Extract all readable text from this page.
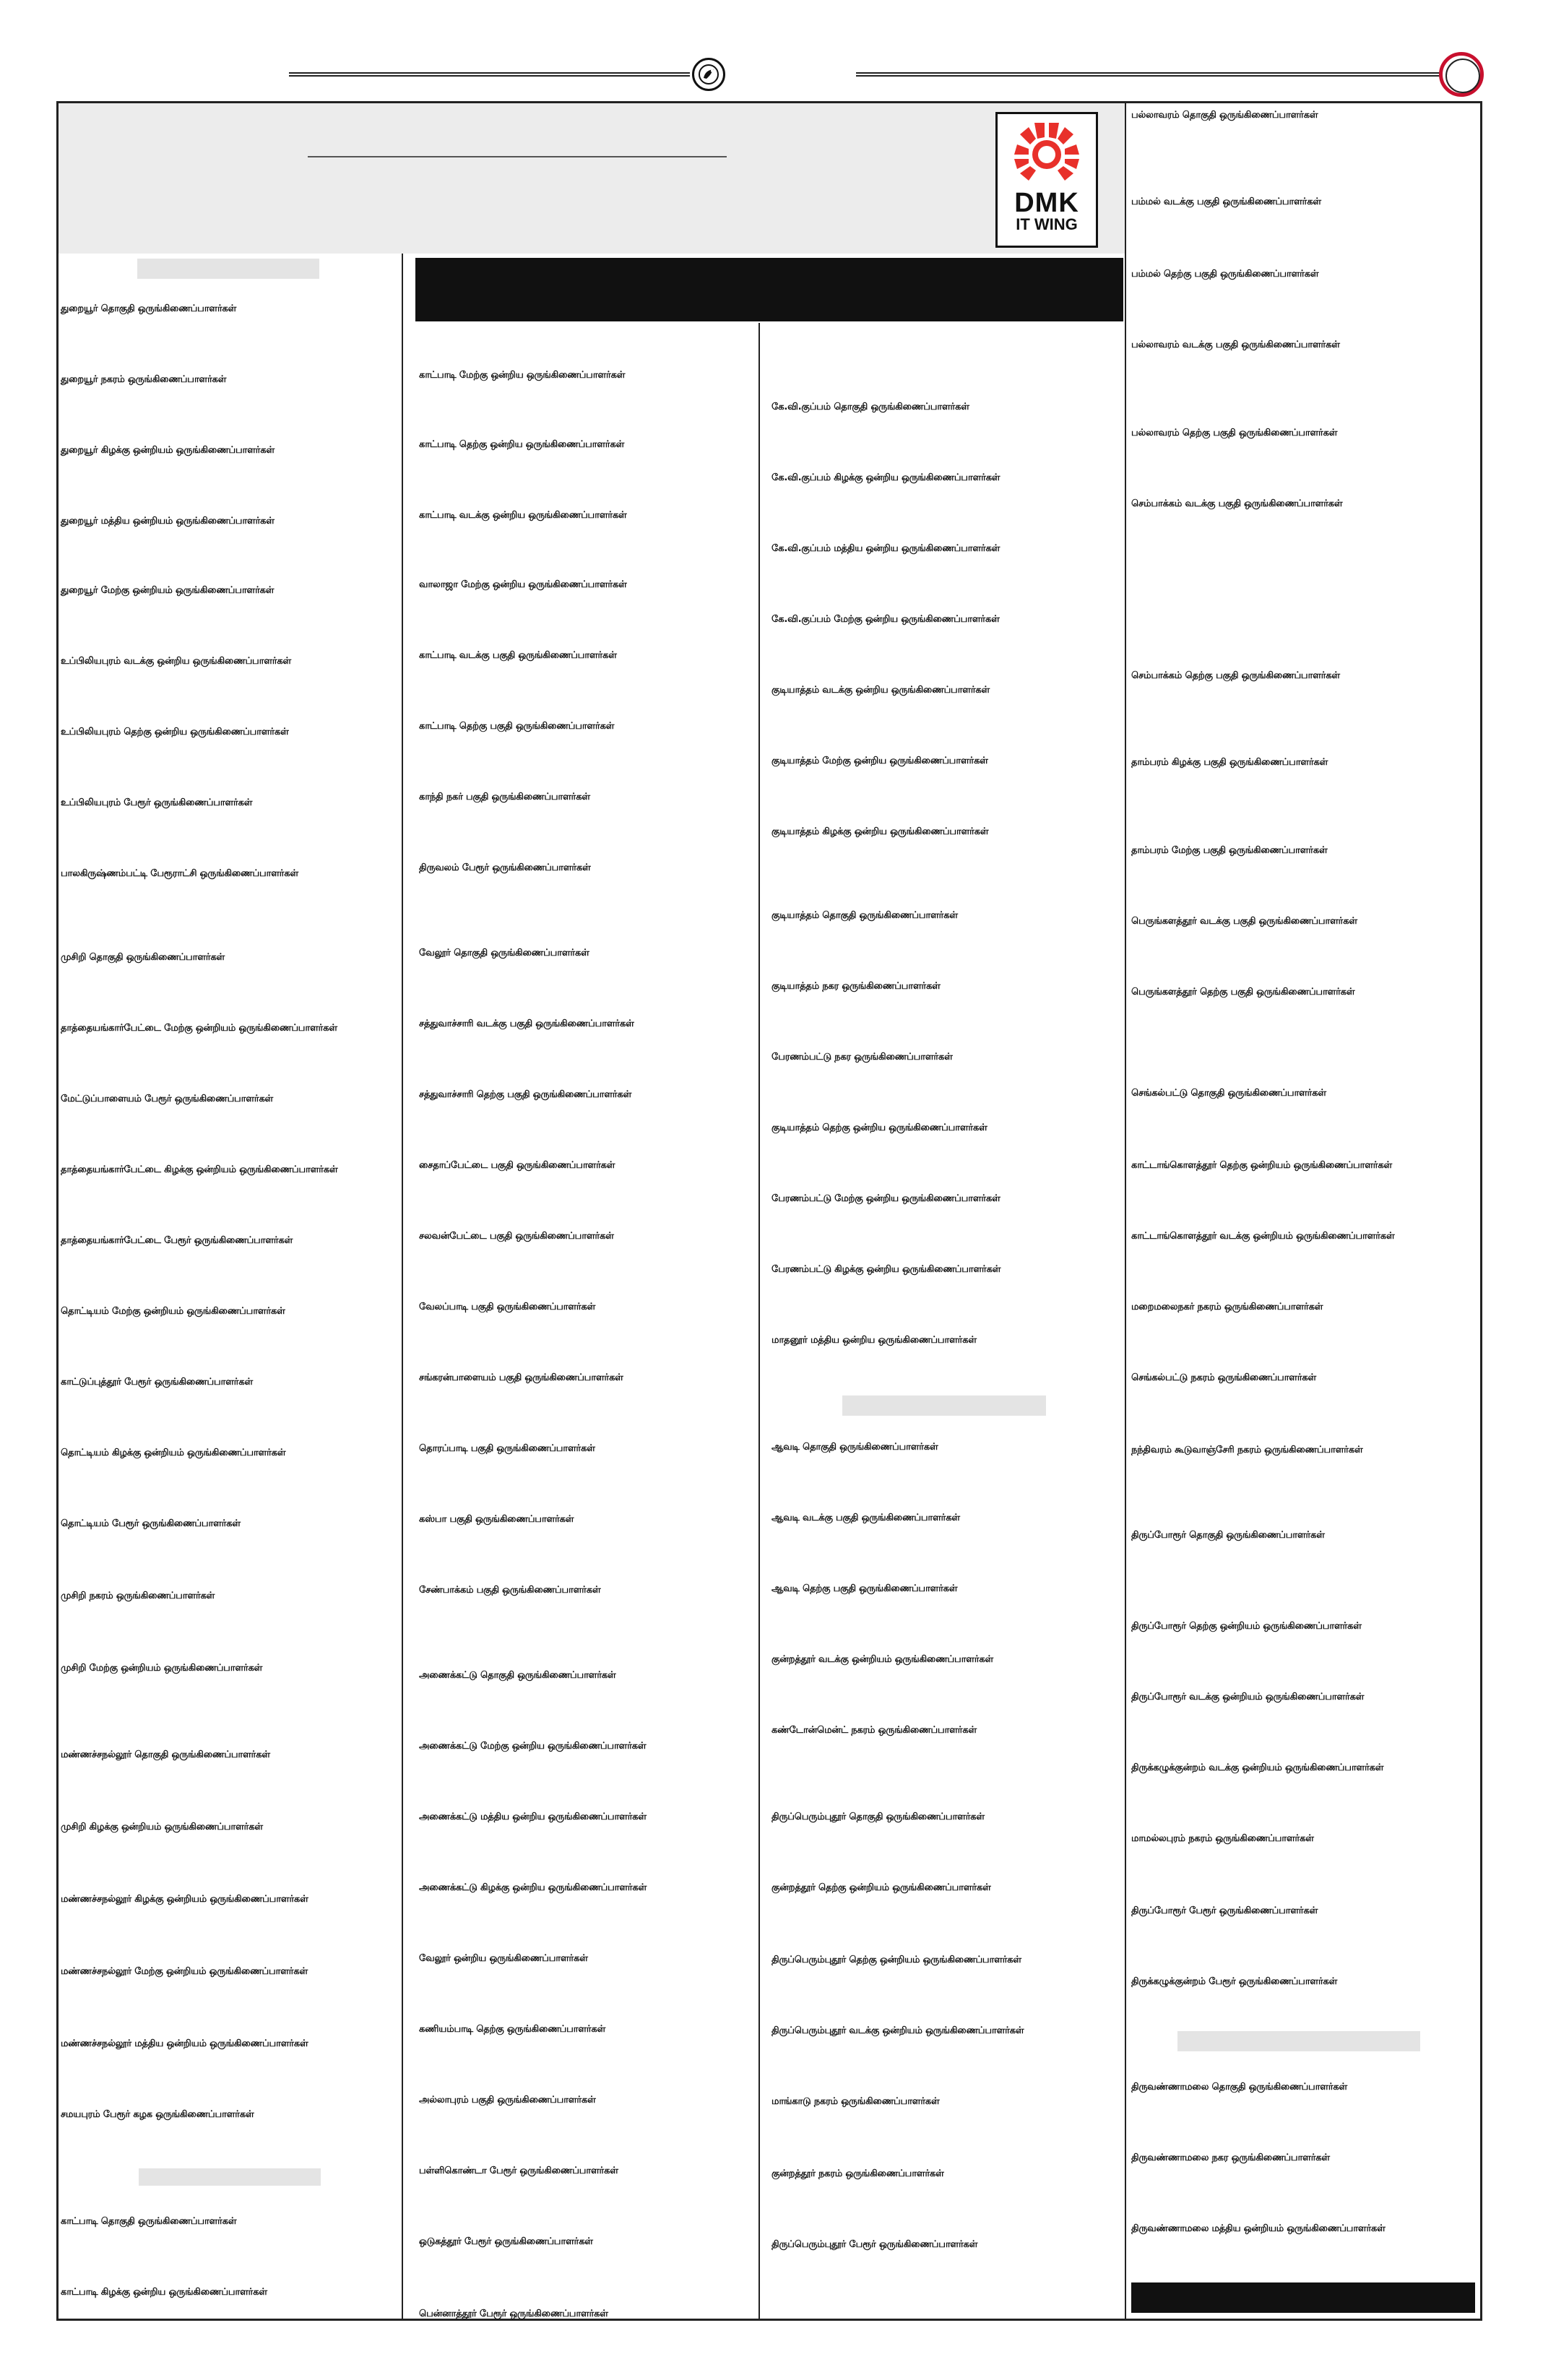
DMK
IT WING
துறையூர் தொகுதி ஒருங்கிணைப்பாளர்கள்
துறையூர் நகரம் ஒருங்கிணைப்பாளர்கள்
துறையூர் கிழக்கு ஒன்றியம் ஒருங்கிணைப்பாளர்கள்
துறையூர் மத்திய ஒன்றியம் ஒருங்கிணைப்பாளர்கள்
துறையூர் மேற்கு ஒன்றியம் ஒருங்கிணைப்பாளர்கள்
உப்பிலியபுரம் வடக்கு ஒன்றிய ஒருங்கிணைப்பாளர்கள்
உப்பிலியபுரம் தெற்கு ஒன்றிய ஒருங்கிணைப்பாளர்கள்
உப்பிலியபுரம் பேரூர் ஒருங்கிணைப்பாளர்கள்
பாலகிருஷ்ணம்பட்டி பேரூராட்சி ஒருங்கிணைப்பாளர்கள்
முசிறி தொகுதி ஒருங்கிணைப்பாளர்கள்
தாத்தையங்கார்பேட்டை மேற்கு ஒன்றியம் ஒருங்கிணைப்பாளர்கள்
மேட்டுப்பாளையம் பேரூர் ஒருங்கிணைப்பாளர்கள்
தாத்தையங்கார்பேட்டை கிழக்கு ஒன்றியம் ஒருங்கிணைப்பாளர்கள்
தாத்தையங்கார்பேட்டை பேரூர் ஒருங்கிணைப்பாளர்கள்
தொட்டியம் மேற்கு ஒன்றியம் ஒருங்கிணைப்பாளர்கள்
காட்டுப்புத்தூர் பேரூர் ஒருங்கிணைப்பாளர்கள்
தொட்டியம் கிழக்கு ஒன்றியம் ஒருங்கிணைப்பாளர்கள்
தொட்டியம் பேரூர் ஒருங்கிணைப்பாளர்கள்
முசிறி நகரம் ஒருங்கிணைப்பாளர்கள்
முசிறி மேற்கு ஒன்றியம் ஒருங்கிணைப்பாளர்கள்
மண்ணச்சநல்லூர் தொகுதி ஒருங்கிணைப்பாளர்கள்
முசிறி கிழக்கு ஒன்றியம் ஒருங்கிணைப்பாளர்கள்
மண்ணச்சநல்லூர் கிழக்கு ஒன்றியம் ஒருங்கிணைப்பாளர்கள்
மண்ணச்சநல்லூர் மேற்கு ஒன்றியம் ஒருங்கிணைப்பாளர்கள்
மண்ணச்சநல்லூர் மத்திய ஒன்றியம் ஒருங்கிணைப்பாளர்கள்
சமயபுரம் பேரூர் கழக ஒருங்கிணைப்பாளர்கள்
காட்பாடி தொகுதி ஒருங்கிணைப்பாளர்கள்
காட்பாடி கிழக்கு ஒன்றிய ஒருங்கிணைப்பாளர்கள்
காட்பாடி மேற்கு ஒன்றிய ஒருங்கிணைப்பாளர்கள்
காட்பாடி தெற்கு ஒன்றிய ஒருங்கிணைப்பாளர்கள்
காட்பாடி வடக்கு ஒன்றிய ஒருங்கிணைப்பாளர்கள்
வாலாஜா மேற்கு ஒன்றிய ஒருங்கிணைப்பாளர்கள்
காட்பாடி வடக்கு பகுதி ஒருங்கிணைப்பாளர்கள்
காட்பாடி தெற்கு பகுதி ஒருங்கிணைப்பாளர்கள்
காந்தி நகர் பகுதி ஒருங்கிணைப்பாளர்கள்
திருவலம் பேரூர் ஒருங்கிணைப்பாளர்கள்
வேலூர் தொகுதி ஒருங்கிணைப்பாளர்கள்
சத்துவாச்சாரி வடக்கு பகுதி ஒருங்கிணைப்பாளர்கள்
சத்துவாச்சாரி தெற்கு பகுதி ஒருங்கிணைப்பாளர்கள்
சைதாப்பேட்டை பகுதி ஒருங்கிணைப்பாளர்கள்
சலவன்பேட்டை பகுதி ஒருங்கிணைப்பாளர்கள்
வேலப்பாடி பகுதி ஒருங்கிணைப்பாளர்கள்
சங்கரன்பாளையம் பகுதி ஒருங்கிணைப்பாளர்கள்
தொரப்பாடி பகுதி ஒருங்கிணைப்பாளர்கள்
கஸ்பா பகுதி ஒருங்கிணைப்பாளர்கள்
சேண்பாக்கம் பகுதி ஒருங்கிணைப்பாளர்கள்
அணைக்கட்டு தொகுதி ஒருங்கிணைப்பாளர்கள்
அணைக்கட்டு மேற்கு ஒன்றிய ஒருங்கிணைப்பாளர்கள்
அணைக்கட்டு மத்திய ஒன்றிய ஒருங்கிணைப்பாளர்கள்
அணைக்கட்டு கிழக்கு ஒன்றிய ஒருங்கிணைப்பாளர்கள்
வேலூர் ஒன்றிய ஒருங்கிணைப்பாளர்கள்
கணியம்பாடி தெற்கு ஒருங்கிணைப்பாளர்கள்
அல்லாபுரம் பகுதி ஒருங்கிணைப்பாளர்கள்
பள்ளிகொண்டா பேரூர் ஒருங்கிணைப்பாளர்கள்
ஒடுகத்தூர் பேரூர் ஒருங்கிணைப்பாளர்கள்
பென்னாத்தூர் பேரூர் ஒருங்கிணைப்பாளர்கள்
கே.வி.குப்பம் தொகுதி ஒருங்கிணைப்பாளர்கள்
கே.வி.குப்பம் கிழக்கு ஒன்றிய ஒருங்கிணைப்பாளர்கள்
கே.வி.குப்பம் மத்திய ஒன்றிய ஒருங்கிணைப்பாளர்கள்
கே.வி.குப்பம் மேற்கு ஒன்றிய ஒருங்கிணைப்பாளர்கள்
குடியாத்தம் வடக்கு ஒன்றிய ஒருங்கிணைப்பாளர்கள்
குடியாத்தம் மேற்கு ஒன்றிய ஒருங்கிணைப்பாளர்கள்
குடியாத்தம் கிழக்கு ஒன்றிய ஒருங்கிணைப்பாளர்கள்
குடியாத்தம் தொகுதி ஒருங்கிணைப்பாளர்கள்
குடியாத்தம் நகர ஒருங்கிணைப்பாளர்கள்
பேரணம்பட்டு நகர ஒருங்கிணைப்பாளர்கள்
குடியாத்தம் தெற்கு ஒன்றிய ஒருங்கிணைப்பாளர்கள்
பேரணம்பட்டு மேற்கு ஒன்றிய ஒருங்கிணைப்பாளர்கள்
பேரணம்பட்டு கிழக்கு ஒன்றிய ஒருங்கிணைப்பாளர்கள்
மாதனூர் மத்திய ஒன்றிய ஒருங்கிணைப்பாளர்கள்
ஆவடி தொகுதி ஒருங்கிணைப்பாளர்கள்
ஆவடி வடக்கு பகுதி ஒருங்கிணைப்பாளர்கள்
ஆவடி தெற்கு பகுதி ஒருங்கிணைப்பாளர்கள்
குன்றத்தூர் வடக்கு ஒன்றியம் ஒருங்கிணைப்பாளர்கள்
கண்டோன்மென்ட் நகரம் ஒருங்கிணைப்பாளர்கள்
திருப்பெரும்புதூர் தொகுதி ஒருங்கிணைப்பாளர்கள்
குன்றத்தூர் தெற்கு ஒன்றியம் ஒருங்கிணைப்பாளர்கள்
திருப்பெரும்புதூர் தெற்கு ஒன்றியம் ஒருங்கிணைப்பாளர்கள்
திருப்பெரும்புதூர் வடக்கு ஒன்றியம் ஒருங்கிணைப்பாளர்கள்
மாங்காடு நகரம் ஒருங்கிணைப்பாளர்கள்
குன்றத்தூர் நகரம் ஒருங்கிணைப்பாளர்கள்
திருப்பெரும்புதூர் பேரூர் ஒருங்கிணைப்பாளர்கள்
பல்லாவரம் தொகுதி ஒருங்கிணைப்பாளர்கள்
பம்மல் வடக்கு பகுதி ஒருங்கிணைப்பாளர்கள்
பம்மல் தெற்கு பகுதி ஒருங்கிணைப்பாளர்கள்
பல்லாவரம் வடக்கு பகுதி ஒருங்கிணைப்பாளர்கள்
பல்லாவரம் தெற்கு பகுதி ஒருங்கிணைப்பாளர்கள்
செம்பாக்கம் வடக்கு பகுதி ஒருங்கிணைப்பாளர்கள்
செம்பாக்கம் தெற்கு பகுதி ஒருங்கிணைப்பாளர்கள்
தாம்பரம் கிழக்கு பகுதி ஒருங்கிணைப்பாளர்கள்
தாம்பரம் மேற்கு பகுதி ஒருங்கிணைப்பாளர்கள்
பெருங்களத்தூர் வடக்கு பகுதி ஒருங்கிணைப்பாளர்கள்
பெருங்களத்தூர் தெற்கு பகுதி ஒருங்கிணைப்பாளர்கள்
செங்கல்பட்டு தொகுதி ஒருங்கிணைப்பாளர்கள்
காட்டாங்கொளத்தூர் தெற்கு ஒன்றியம் ஒருங்கிணைப்பாளர்கள்
காட்டாங்கொளத்தூர் வடக்கு ஒன்றியம் ஒருங்கிணைப்பாளர்கள்
மறைமலைநகர் நகரம் ஒருங்கிணைப்பாளர்கள்
செங்கல்பட்டு நகரம் ஒருங்கிணைப்பாளர்கள்
நந்திவரம் கூடுவாஞ்சேரி நகரம் ஒருங்கிணைப்பாளர்கள்
திருப்போரூர் தொகுதி ஒருங்கிணைப்பாளர்கள்
திருப்போரூர் தெற்கு ஒன்றியம் ஒருங்கிணைப்பாளர்கள்
திருப்போரூர் வடக்கு ஒன்றியம் ஒருங்கிணைப்பாளர்கள்
திருக்கழுக்குன்றம் வடக்கு ஒன்றியம் ஒருங்கிணைப்பாளர்கள்
மாமல்லபுரம் நகரம் ஒருங்கிணைப்பாளர்கள்
திருப்போரூர் பேரூர் ஒருங்கிணைப்பாளர்கள்
திருக்கழுக்குன்றம் பேரூர் ஒருங்கிணைப்பாளர்கள்
திருவண்ணாமலை தொகுதி ஒருங்கிணைப்பாளர்கள்
திருவண்ணாமலை நகர ஒருங்கிணைப்பாளர்கள்
திருவண்ணாமலை மத்திய ஒன்றியம் ஒருங்கிணைப்பாளர்கள்
